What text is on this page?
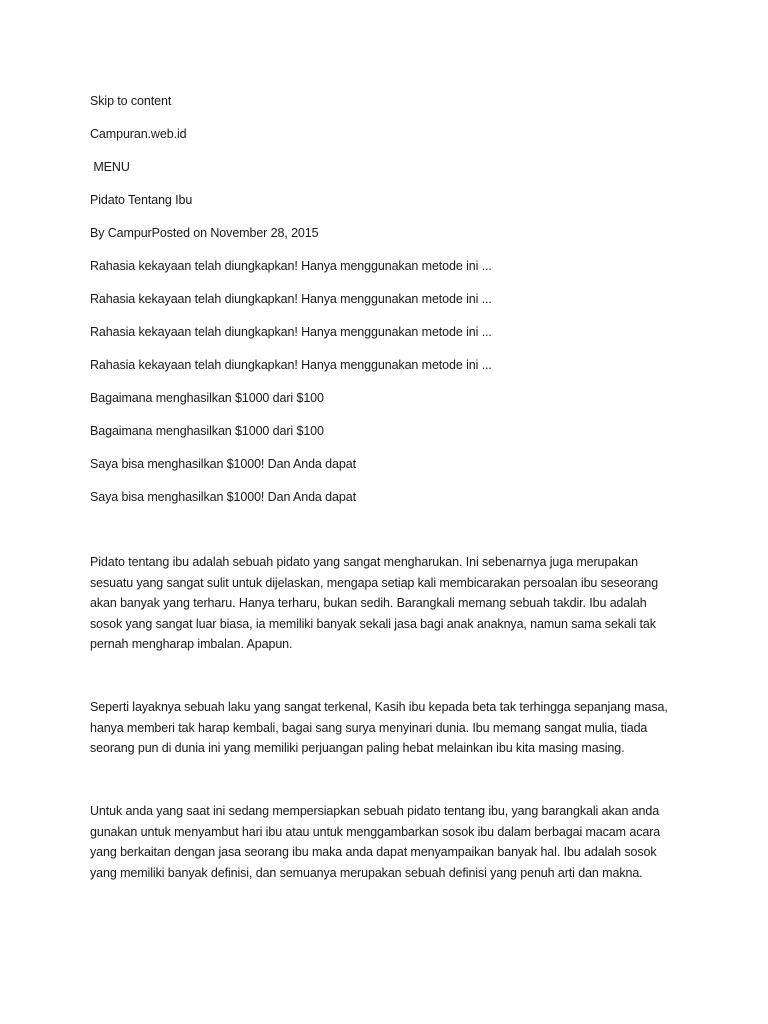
Skip to content
Campuran.web.id
MENU
Pidato Tentang Ibu
By CampurPosted on November 28, 2015
Rahasia kekayaan telah diungkapkan! Hanya menggunakan metode ini ...
Rahasia kekayaan telah diungkapkan! Hanya menggunakan metode ini ...
Rahasia kekayaan telah diungkapkan! Hanya menggunakan metode ini ...
Rahasia kekayaan telah diungkapkan! Hanya menggunakan metode ini ...
Bagaimana menghasilkan $1000 dari $100
Bagaimana menghasilkan $1000 dari $100
Saya bisa menghasilkan $1000! Dan Anda dapat
Saya bisa menghasilkan $1000! Dan Anda dapat

Pidato tentang ibu adalah sebuah pidato yang sangat mengharukan. Ini sebenarnya juga merupakan sesuatu yang sangat sulit untuk dijelaskan, mengapa setiap kali membicarakan persoalan ibu seseorang akan banyak yang terharu. Hanya terharu, bukan sedih. Barangkali memang sebuah takdir. Ibu adalah sosok yang sangat luar biasa, ia memiliki banyak sekali jasa bagi anak anaknya, namun sama sekali tak pernah mengharap imbalan. Apapun.

Seperti layaknya sebuah laku yang sangat terkenal, Kasih ibu kepada beta tak terhingga sepanjang masa, hanya memberi tak harap kembali, bagai sang surya menyinari dunia. Ibu memang sangat mulia, tiada seorang pun di dunia ini yang memiliki perjuangan paling hebat melainkan ibu kita masing masing.

Untuk anda yang saat ini sedang mempersiapkan sebuah pidato tentang ibu, yang barangkali akan anda gunakan untuk menyambut hari ibu atau untuk menggambarkan sosok ibu dalam berbagai macam acara yang berkaitan dengan jasa seorang ibu maka anda dapat menyampaikan banyak hal. Ibu adalah sosok yang memiliki banyak definisi, dan semuanya merupakan sebuah definisi yang penuh arti dan makna.
